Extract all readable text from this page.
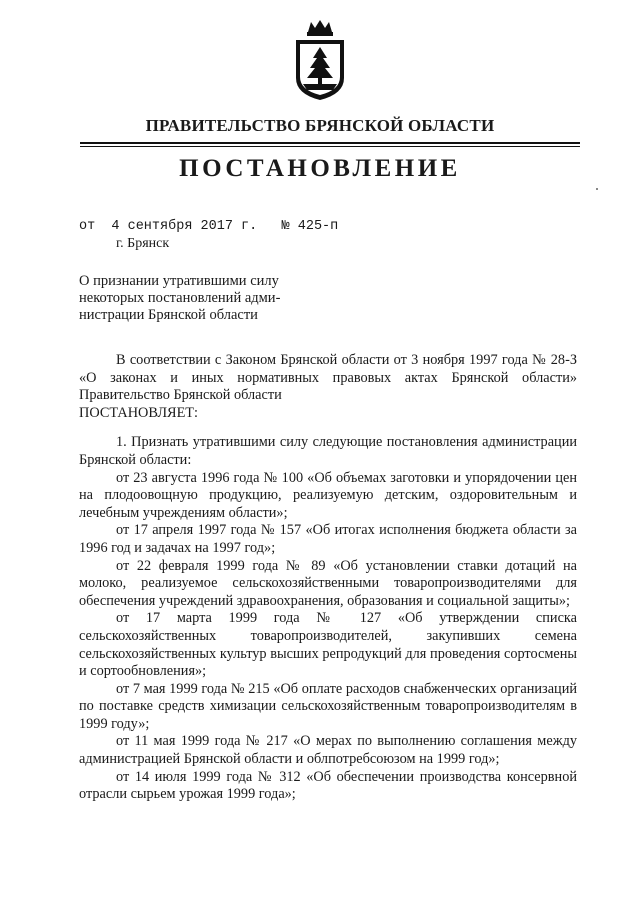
ПРАВИТЕЛЬСТВО БРЯНСКОЙ ОБЛАСТИ
ПОСТАНОВЛЕНИЕ
от 4 сентября 2017 г. № 425-п
г. Брянск
О признании утратившими силу
некоторых постановлений адми-
нистрации Брянской области

В соответствии с Законом Брянской области от 3 ноября 1997 года № 28-З «О законах и иных нормативных правовых актах Брянской области» Правительство Брянской области

ПОСТАНОВЛЯЕТ:

1. Признать утратившими силу следующие постановления администрации Брянской области:

от 23 августа 1996 года № 100 «Об объемах заготовки и упорядочении цен на плодоовощную продукцию, реализуемую детским, оздоровительным и лечебным учреждениям области»;

от 17 апреля 1997 года № 157 «Об итогах исполнения бюджета области за 1996 год и задачах на 1997 год»;

от 22 февраля 1999 года № 89 «Об установлении ставки дотаций на молоко, реализуемое сельскохозяйственными товаропроизводителями для обеспечения учреждений здравоохранения, образования и социальной защиты»;

от 17 марта 1999 года № 127 «Об утверждении списка сельскохозяйственных товаропроизводителей, закупивших семена сельскохозяйственных культур высших репродукций для проведения сортосмены и сортообновления»;

от 7 мая 1999 года № 215 «Об оплате расходов снабженческих организаций по поставке средств химизации сельскохозяйственным товаропроизводителям в 1999 году»;

от 11 мая 1999 года № 217 «О мерах по выполнению соглашения между администрацией Брянской области и облпотребсоюзом на 1999 год»;

от 14 июля 1999 года № 312 «Об обеспечении производства консервной отрасли сырьем урожая 1999 года»;
